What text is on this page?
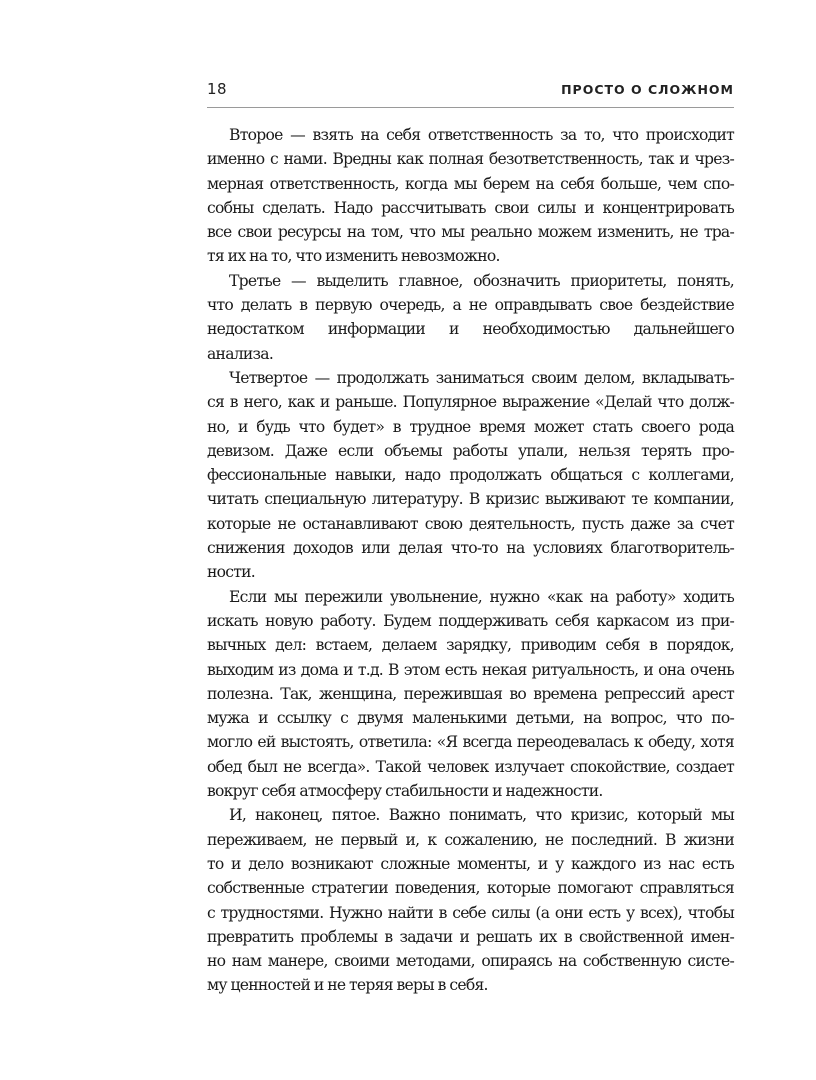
18	ПРОСТО О СЛОЖНОМ
Второе — взять на себя ответственность за то, что происходит
именно с нами. Вредны как полная безответственность, так и чрез-
мерная ответственность, когда мы берем на себя больше, чем спо-
собны сделать. Надо рассчитывать свои силы и концентрировать
все свои ресурсы на том, что мы реально можем изменить, не тра-
тя их на то, что изменить невозможно.
Третье — выделить главное, обозначить приоритеты, понять,
что делать в первую очередь, а не оправдывать свое бездействие
недостатком информации и необходимостью дальнейшего
анализа.
Четвертое — продолжать заниматься своим делом, вкладывать-
ся в него, как и раньше. Популярное выражение «Делай что долж-
но, и будь что будет» в трудное время может стать своего рода
девизом. Даже если объемы работы упали, нельзя терять про-
фессиональные навыки, надо продолжать общаться с коллегами,
читать специальную литературу. В кризис выживают те компании,
которые не останавливают свою деятельность, пусть даже за счет
снижения доходов или делая что-то на условиях благотворитель-
ности.
Если мы пережили увольнение, нужно «как на работу» ходить
искать новую работу. Будем поддерживать себя каркасом из при-
вычных дел: встаем, делаем зарядку, приводим себя в порядок,
выходим из дома и т.д. В этом есть некая ритуальность, и она очень
полезна. Так, женщина, пережившая во времена репрессий арест
мужа и ссылку с двумя маленькими детьми, на вопрос, что по-
могло ей выстоять, ответила: «Я всегда переодевалась к обеду, хотя
обед был не всегда». Такой человек излучает спокойствие, создает
вокруг себя атмосферу стабильности и надежности.
И, наконец, пятое. Важно понимать, что кризис, который мы
переживаем, не первый и, к сожалению, не последний. В жизни
то и дело возникают сложные моменты, и у каждого из нас есть
собственные стратегии поведения, которые помогают справляться
с трудностями. Нужно найти в себе силы (а они есть у всех), чтобы
превратить проблемы в задачи и решать их в свойственной имен-
но нам манере, своими методами, опираясь на собственную систе-
му ценностей и не теряя веры в себя.
